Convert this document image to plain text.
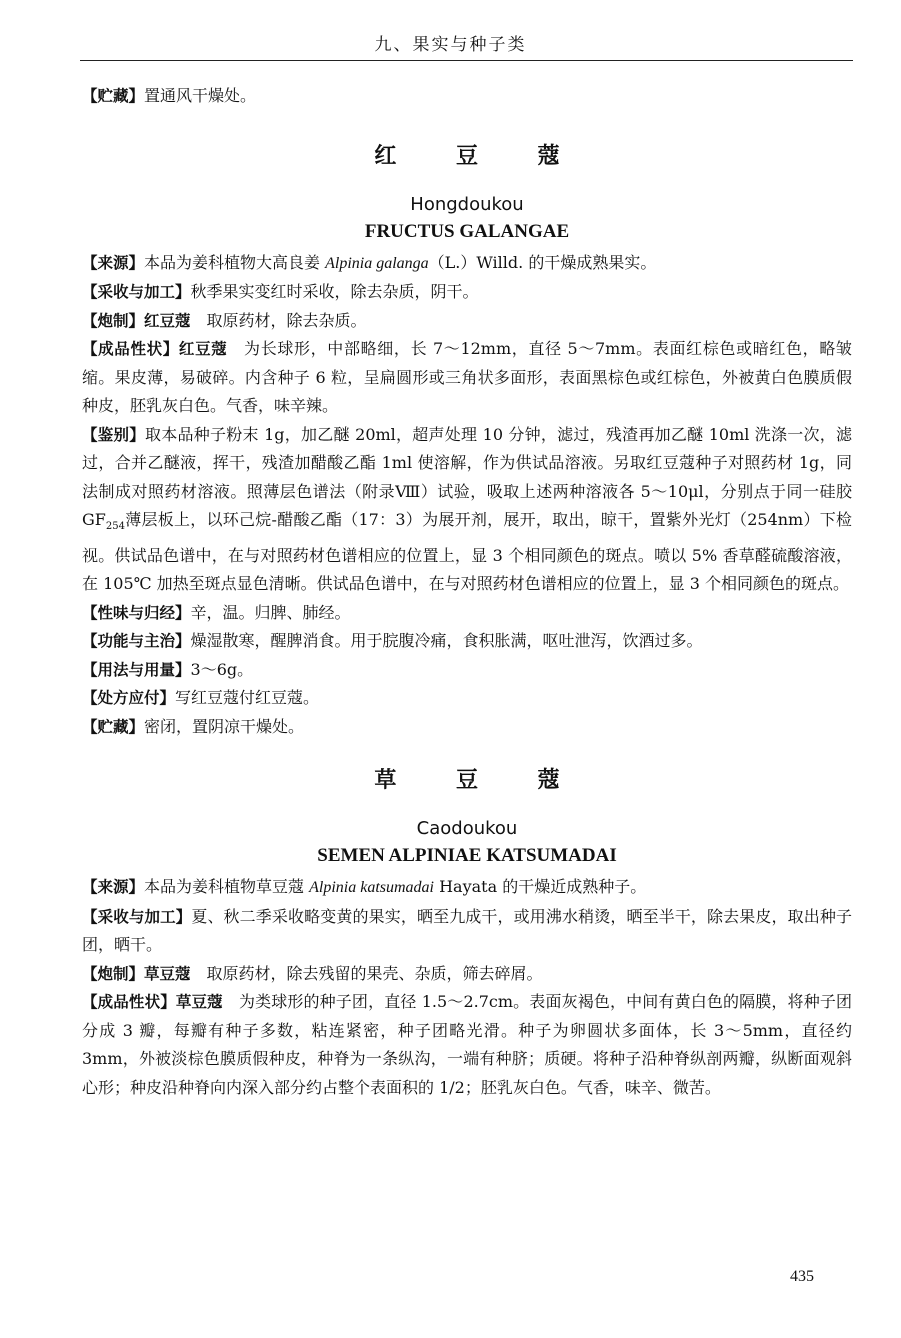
九、果实与种子类

【贮藏】置通风干燥处。

红 豆 蔻
Hongdoukou
FRUCTUS GALANGAE

【来源】本品为姜科植物大高良姜 Alpinia galanga（L.）Willd. 的干燥成熟果实。

【采收与加工】秋季果实变红时采收，除去杂质，阴干。

【炮制】红豆蔻　取原药材，除去杂质。

【成品性状】红豆蔻　为长球形，中部略细，长 7～12mm，直径 5～7mm。表面红棕色或暗红色，略皱缩。果皮薄，易破碎。内含种子 6 粒，呈扁圆形或三角状多面形，表面黑棕色或红棕色，外被黄白色膜质假种皮，胚乳灰白色。气香，味辛辣。

【鉴别】取本品种子粉末 1g，加乙醚 20ml，超声处理 10 分钟，滤过，残渣再加乙醚 10ml 洗涤一次，滤过，合并乙醚液，挥干，残渣加醋酸乙酯 1ml 使溶解，作为供试品溶液。另取红豆蔻种子对照药材 1g，同法制成对照药材溶液。照薄层色谱法（附录Ⅷ）试验，吸取上述两种溶液各 5～10μl，分别点于同一硅胶 $GF_{254}$薄层板上，以环己烷-醋酸乙酯（17：3）为展开剂，展开，取出，晾干，置紫外光灯（254nm）下检视。供试品色谱中，在与对照药材色谱相应的位置上，显 3 个相同颜色的斑点。喷以 5% 香草醛硫酸溶液，在 105℃ 加热至斑点显色清晰。供试品色谱中，在与对照药材色谱相应的位置上，显 3 个相同颜色的斑点。

【性味与归经】辛，温。归脾、肺经。

【功能与主治】燥湿散寒，醒脾消食。用于脘腹冷痛，食积胀满，呕吐泄泻，饮酒过多。

【用法与用量】3～6g。

【处方应付】写红豆蔻付红豆蔻。

【贮藏】密闭，置阴凉干燥处。

草 豆 蔻
Caodoukou
SEMEN ALPINIAE KATSUMADAI

【来源】本品为姜科植物草豆蔻 Alpinia katsumadai Hayata 的干燥近成熟种子。

【采收与加工】夏、秋二季采收略变黄的果实，晒至九成干，或用沸水稍烫，晒至半干，除去果皮，取出种子团，晒干。

【炮制】草豆蔻　取原药材，除去残留的果壳、杂质，筛去碎屑。

【成品性状】草豆蔻　为类球形的种子团，直径 1.5～2.7cm。表面灰褐色，中间有黄白色的隔膜，将种子团分成 3 瓣，每瓣有种子多数，粘连紧密，种子团略光滑。种子为卵圆状多面体，长 3～5mm，直径约 3mm，外被淡棕色膜质假种皮，种脊为一条纵沟，一端有种脐；质硬。将种子沿种脊纵剖两瓣，纵断面观斜心形；种皮沿种脊向内深入部分约占整个表面积的 1/2；胚乳灰白色。气香，味辛、微苦。

435
